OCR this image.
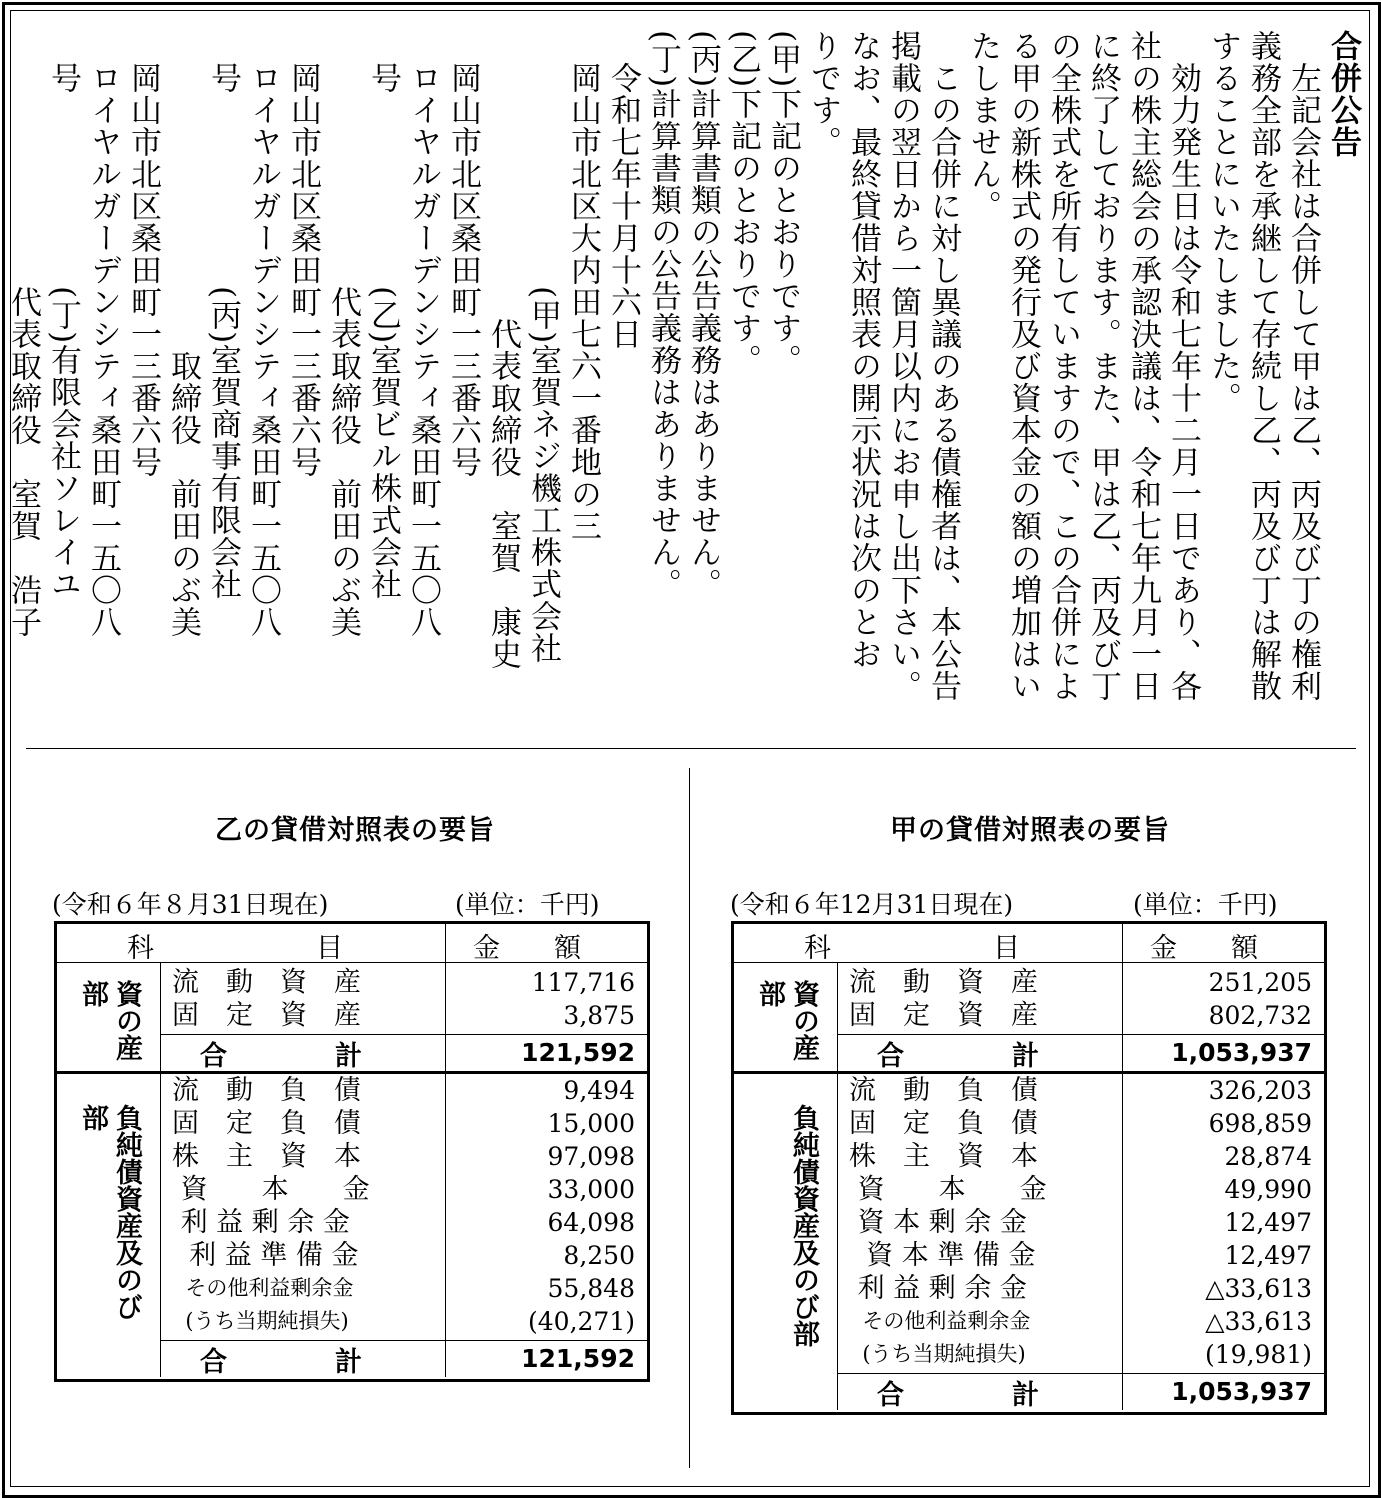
合併公告
　左記会社は合併して甲は乙、丙及び丁の権利
義務全部を承継して存続し乙、丙及び丁は解散
することにいたしました。
　効力発生日は令和七年十二月一日であり、各
社の株主総会の承認決議は、令和七年九月一日
に終了しております。また、甲は乙、丙及び丁
の全株式を所有していますので、この合併によ
る甲の新株式の発行及び資本金の額の増加はい
たしません。
　この合併に対し異議のある債権者は、本公告
掲載の翌日から一箇月以内にお申し出下さい。
なお、最終貸借対照表の開示状況は次のとお
りです。
(甲)下記のとおりです。
(乙)下記のとおりです。
(丙)計算書類の公告義務はありません。
(丁)計算書類の公告義務はありません。
　令和七年十月十六日
　岡山市北区大内田七六一番地の三
　　　　　　　　(甲)室賀ネジ機工株式会社
　　　　　　　　　代表取締役　室賀　康史
　岡山市北区桑田町一三番六号
　ロイヤルガーデンシティ桑田町一五〇八
　号　　　　　　(乙)室賀ビル株式会社
　　　　　　　　代表取締役　前田のぶ美
　岡山市北区桑田町一三番六号
　ロイヤルガーデンシティ桑田町一五〇八
　号　　　　　　(丙)室賀商事有限会社
　　　　　　　　　　取締役　前田のぶ美
　岡山市北区桑田町一三番六号
　ロイヤルガーデンシティ桑田町一五〇八
　号　　　　　　(丁)有限会社ソレイユ
　　　　　　　　代表取締役　室賀　浩子
乙の貸借対照表の要旨
(令和６年８月31日現在)	(単位：千円)
科　　　　　　目	金　　額
流　動　資　産	117,716
固　定　資　産	3,875
合　　　　計	121,592
資の産部
流　動　負　債	9,494
固　定　負　債	15,000
株　主　資　本	97,098
資　　本　　金	33,000
利 益 剰 余 金	64,098
利 益 準 備 金	8,250
その他利益剰余金	55,848
(うち当期純損失)	(40,271)
合　　　　計	121,592
負純債資産及のび部
甲の貸借対照表の要旨
(令和６年12月31日現在)	(単位：千円)
科　　　　　　目	金　　額
流　動　資　産	251,205
固　定　資　産	802,732
合　　　　計	1,053,937
資の産部
流　動　負　債	326,203
固　定　負　債	698,859
株　主　資　本	28,874
資　　本　　金	49,990
資 本 剰 余 金	12,497
資 本 準 備 金	12,497
利 益 剰 余 金	△33,613
その他利益剰余金	△33,613
(うち当期純損失)	(19,981)
合　　　　計	1,053,937
負純債資産及のび部
